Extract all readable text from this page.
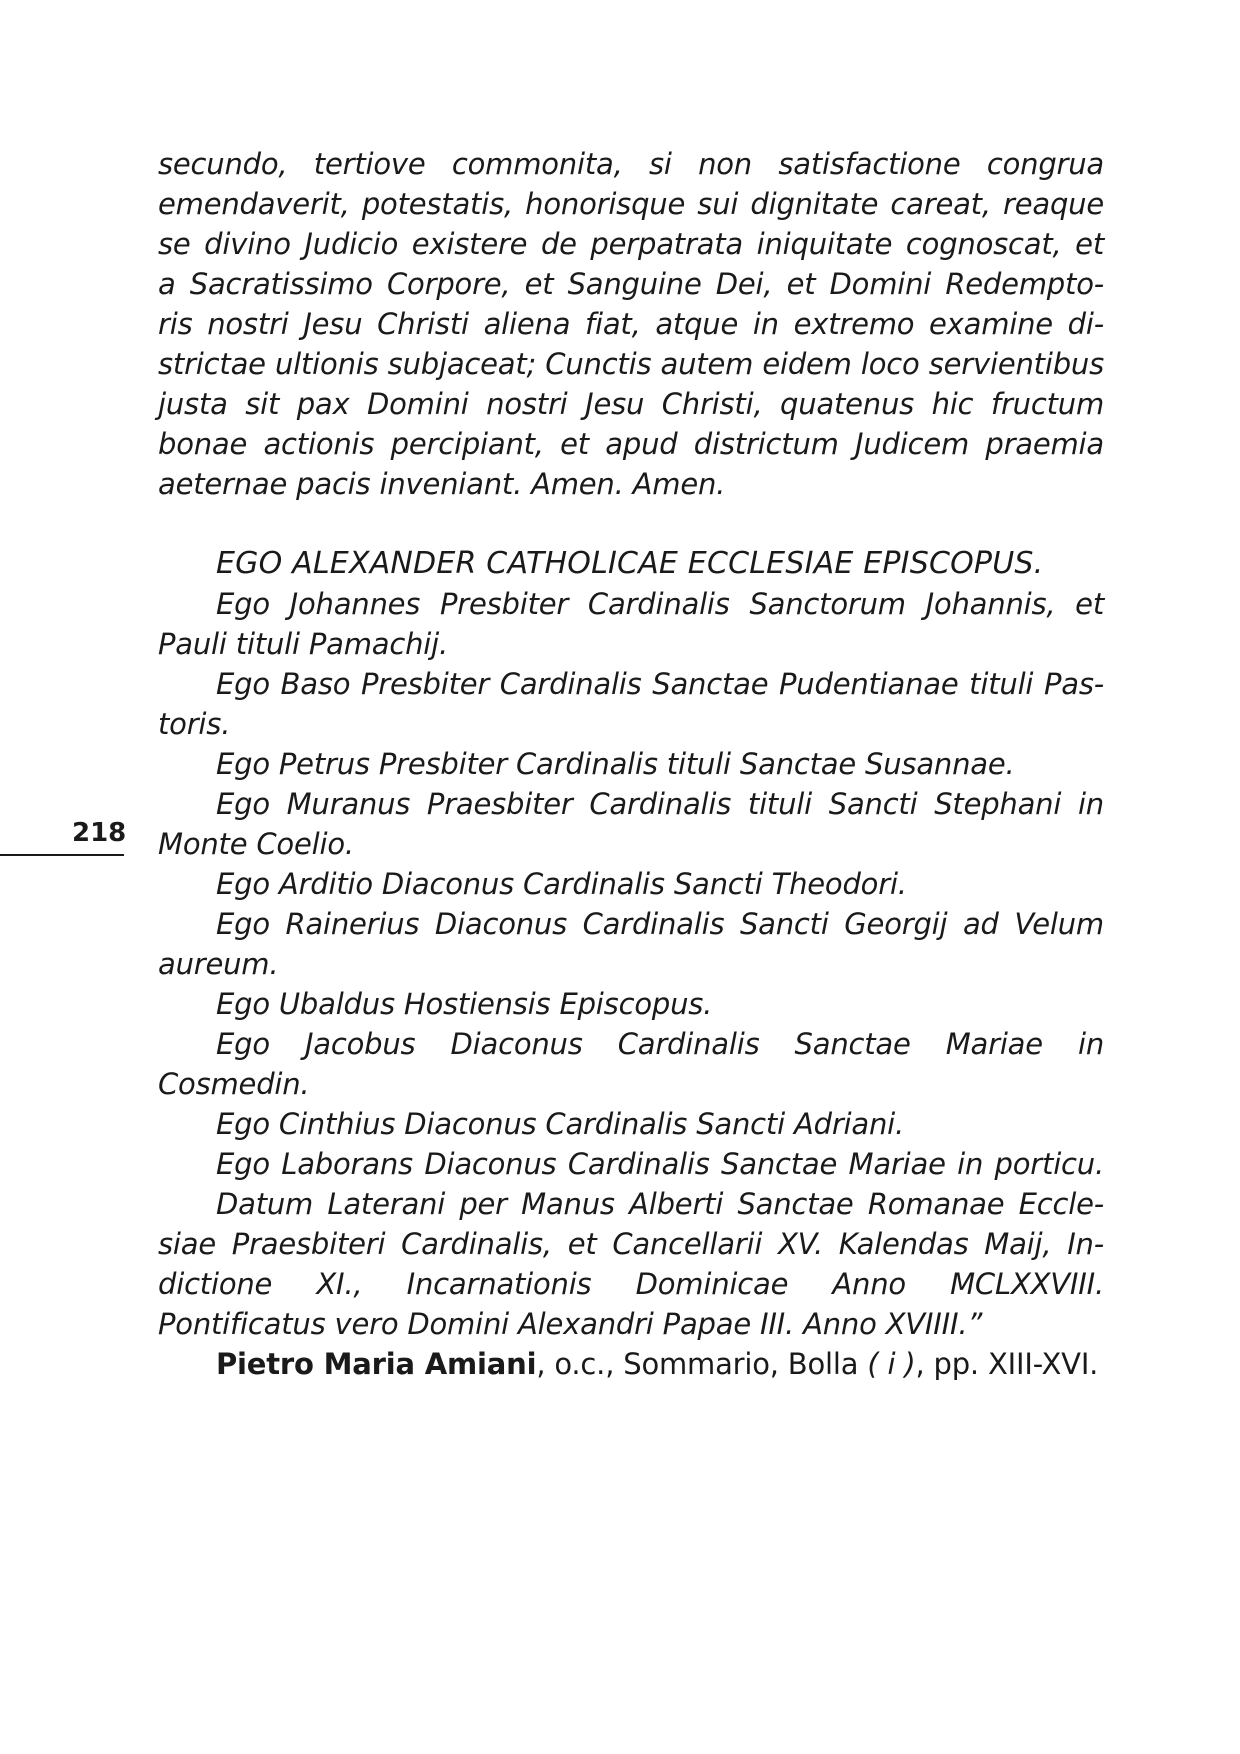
218
secundo, tertiove commonita, si non satisfactione congrua
emendaverit, potestatis, honorisque sui dignitate careat, reaque
se divino Judicio existere de perpatrata iniquitate cognoscat, et
a Sacratissimo Corpore, et Sanguine Dei, et Domini Redempto-
ris nostri Jesu Christi aliena fiat, atque in extremo examine di-
strictae ultionis subjaceat; Cunctis autem eidem loco servientibus
justa sit pax Domini nostri Jesu Christi, quatenus hic fructum
bonae actionis percipiant, et apud districtum Judicem praemia
aeternae pacis inveniant. Amen. Amen.
EGO ALEXANDER CATHOLICAE ECCLESIAE EPISCOPUS.
Ego Johannes Presbiter Cardinalis Sanctorum Johannis, et
Pauli tituli Pamachij.
Ego Baso Presbiter Cardinalis Sanctae Pudentianae tituli Pas-
toris.
Ego Petrus Presbiter Cardinalis tituli Sanctae Susannae.
Ego Muranus Praesbiter Cardinalis tituli Sancti Stephani in
Monte Coelio.
Ego Arditio Diaconus Cardinalis Sancti Theodori.
Ego Rainerius Diaconus Cardinalis Sancti Georgij ad Velum
aureum.
Ego Ubaldus Hostiensis Episcopus.
Ego Jacobus Diaconus Cardinalis Sanctae Mariae in
Cosmedin.
Ego Cinthius Diaconus Cardinalis Sancti Adriani.
Ego Laborans Diaconus Cardinalis Sanctae Mariae in porticu.
Datum Laterani per Manus Alberti Sanctae Romanae Eccle-
siae Praesbiteri Cardinalis, et Cancellarii XV. Kalendas Maij, In-
dictione XI., Incarnationis Dominicae Anno MCLXXVIII.
Pontificatus vero Domini Alexandri Papae III. Anno XVIIII.”
Pietro Maria Amiani, o.c., Sommario, Bolla ( i ), pp. XIII-XVI.
